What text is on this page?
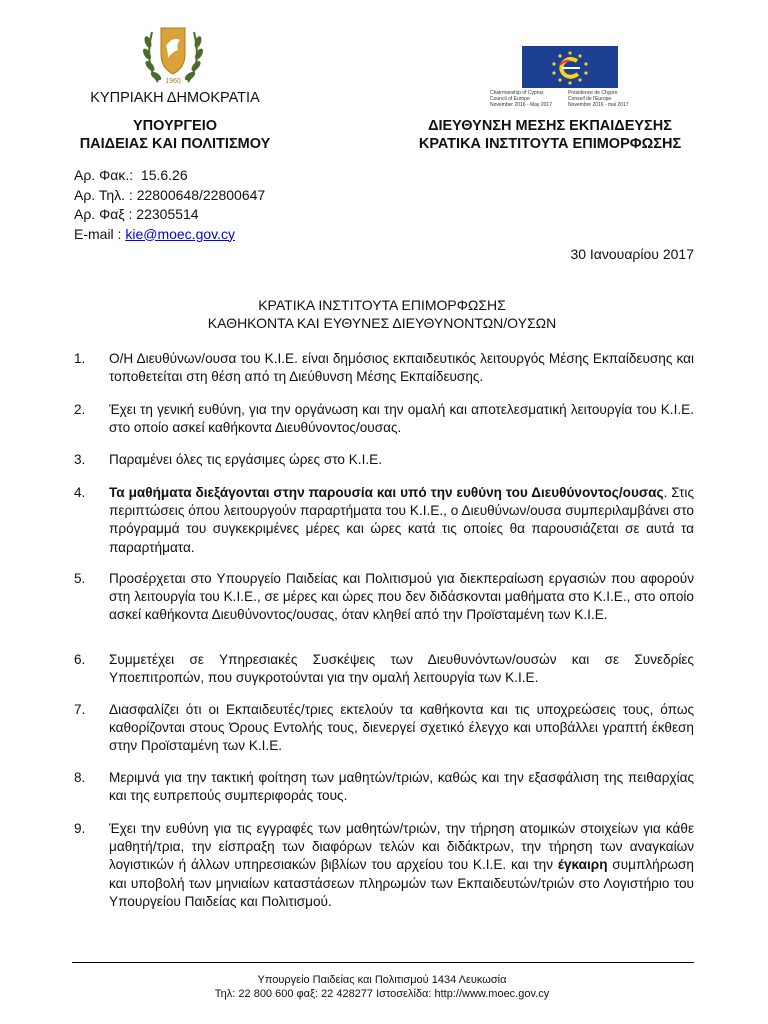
1960
Chairmanship of Cyprus
Council of Europe
November 2016 - May 2017
Présidence de Chypre
Conseil de l'Europe
Novembre 2016 - mai 2017
ΚΥΠΡΙΑΚΗ ΔΗΜΟΚΡΑΤΙΑ
ΥΠΟΥΡΓΕΙΟ
ΠΑΙΔΕΙΑΣ ΚΑΙ ΠΟΛΙΤΙΣΜΟΥ
ΔΙΕΥΘΥΝΣΗ ΜΕΣΗΣ ΕΚΠΑΙΔΕΥΣΗΣ
ΚΡΑΤΙΚΑ ΙΝΣΤΙΤΟΥΤΑ ΕΠΙΜΟΡΦΩΣΗΣ
Αρ. Φακ.: 15.6.26
Αρ. Τηλ. : 22800648/22800647
Αρ. Φαξ : 22305514
E-mail : kie@moec.gov.cy
30 Ιανουαρίου 2017
ΚΡΑΤΙΚΑ ΙΝΣΤΙΤΟΥΤΑ ΕΠΙΜΟΡΦΩΣΗΣ
ΚΑΘΗΚΟΝΤΑ ΚΑΙ ΕΥΘΥΝΕΣ ΔΙΕΥΘΥΝΟΝΤΩΝ/ΟΥΣΩΝ
1.	Ο/Η Διευθύνων/ουσα του Κ.Ι.Ε. είναι δημόσιος εκπαιδευτικός λειτουργός Μέσης Εκπαίδευσης και τοποθετείται στη θέση από τη Διεύθυνση Μέσης Εκπαίδευσης.
2.	Έχει τη γενική ευθύνη, για την οργάνωση και την ομαλή και αποτελεσματική λειτουργία του Κ.Ι.Ε. στο οποίο ασκεί καθήκοντα Διευθύνοντος/ουσας.
3.	Παραμένει όλες τις εργάσιμες ώρες στο Κ.Ι.Ε.
4.	Τα μαθήματα διεξάγονται στην παρουσία και υπό την ευθύνη του Διευθύνοντος/ουσας. Στις περιπτώσεις όπου λειτουργούν παραρτήματα του Κ.Ι.Ε., ο Διευθύνων/ουσα συμπεριλαμβάνει στο πρόγραμμά του συγκεκριμένες μέρες και ώρες κατά τις οποίες θα παρουσιάζεται σε αυτά τα παραρτήματα.
5.	Προσέρχεται στο Υπουργείο Παιδείας και Πολιτισμού για διεκπεραίωση εργασιών που αφορούν στη λειτουργία του Κ.Ι.Ε., σε μέρες και ώρες που δεν διδάσκονται μαθήματα στο Κ.Ι.Ε., στο οποίο ασκεί καθήκοντα Διευθύνοντος/ουσας, όταν κληθεί από την Προϊσταμένη των Κ.Ι.Ε.
6.	Συμμετέχει σε Υπηρεσιακές Συσκέψεις των Διευθυνόντων/ουσών και σε Συνεδρίες Υποεπιτροπών, που συγκροτούνται για την ομαλή λειτουργία των Κ.Ι.Ε.
7.	Διασφαλίζει ότι οι Εκπαιδευτές/τριες εκτελούν τα καθήκοντα και τις υποχρεώσεις τους, όπως καθορίζονται στους Όρους Εντολής τους, διενεργεί σχετικό έλεγχο και υποβάλλει γραπτή έκθεση στην Προϊσταμένη των Κ.Ι.Ε.
8.	Μεριμνά για την τακτική φοίτηση των μαθητών/τριών, καθώς και την εξασφάλιση της πειθαρχίας και της ευπρεπούς συμπεριφοράς τους.
9.	Έχει την ευθύνη για τις εγγραφές των μαθητών/τριών, την τήρηση ατομικών στοιχείων για κάθε μαθητή/τρια, την είσπραξη των διαφόρων τελών και διδάκτρων, την τήρηση των αναγκαίων λογιστικών ή άλλων υπηρεσιακών βιβλίων του αρχείου του Κ.Ι.Ε. και την έγκαιρη συμπλήρωση και υποβολή των μηνιαίων καταστάσεων πληρωμών των Εκπαιδευτών/τριών στο Λογιστήριο του Υπουργείου Παιδείας και Πολιτισμού.
Υπουργείο Παιδείας και Πολιτισμού 1434 Λευκωσία
Τηλ: 22 800 600 φαξ: 22 428277 Ιστοσελίδα: http://www.moec.gov.cy
